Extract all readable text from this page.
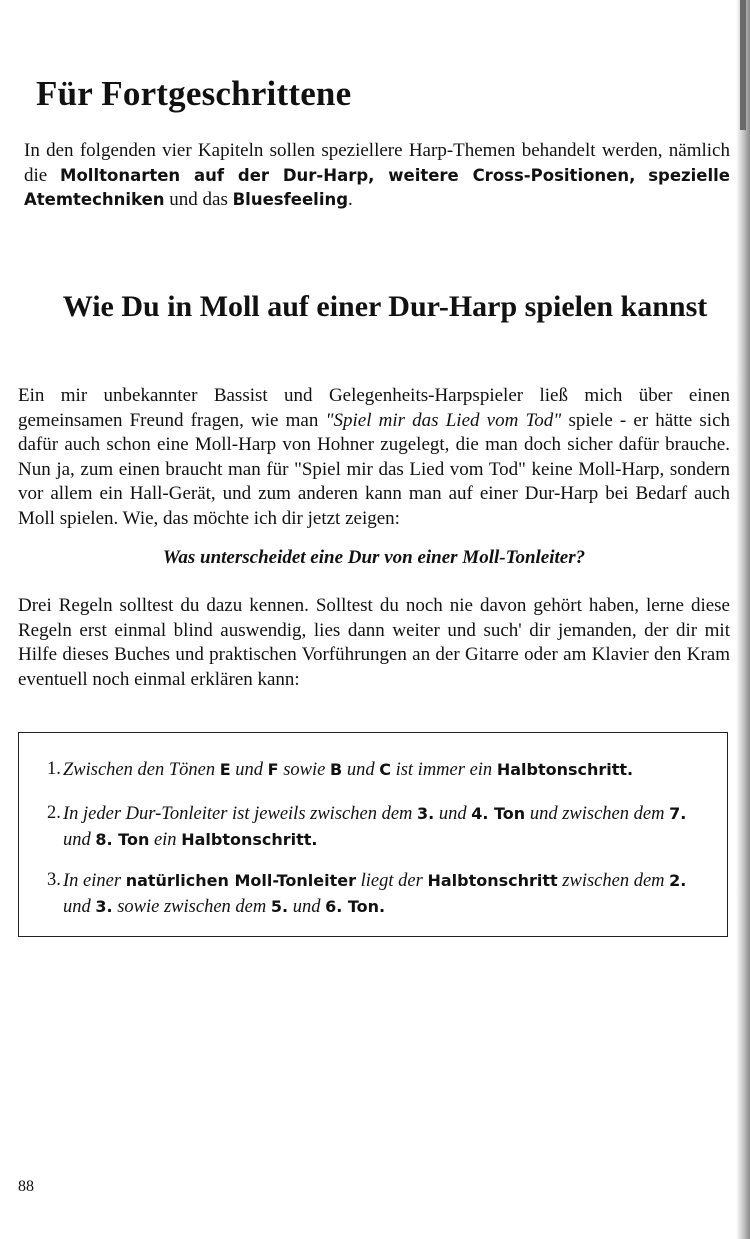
Für Fortgeschrittene

In den folgenden vier Kapiteln sollen speziellere Harp-Themen behandelt werden, nämlich die Molltonarten auf der Dur-Harp, weitere Cross-Positionen, spezielle Atemtechniken und das Bluesfeeling.

Wie Du in Moll auf einer Dur-Harp spielen kannst

Ein mir unbekannter Bassist und Gelegenheits-Harpspieler ließ mich über einen gemeinsamen Freund fragen, wie man "Spiel mir das Lied vom Tod" spiele - er hätte sich dafür auch schon eine Moll-Harp von Hohner zugelegt, die man doch sicher dafür brauche. Nun ja, zum einen braucht man für "Spiel mir das Lied vom Tod" keine Moll-Harp, sondern vor allem ein Hall-Gerät, und zum anderen kann man auf einer Dur-Harp bei Bedarf auch Moll spielen. Wie, das möchte ich dir jetzt zeigen:

Was unterscheidet eine Dur von einer Moll-Tonleiter?

Drei Regeln solltest du dazu kennen. Solltest du noch nie davon gehört haben, lerne diese Regeln erst einmal blind auswendig, lies dann weiter und such' dir jemanden, der dir mit Hilfe dieses Buches und praktischen Vorführungen an der Gitarre oder am Klavier den Kram eventuell noch einmal erklären kann:

1. Zwischen den Tönen E und F sowie B und C ist immer ein Halbtonschritt.
2. In jeder Dur-Tonleiter ist jeweils zwischen dem 3. und 4. Ton und zwischen dem 7. und 8. Ton ein Halbtonschritt.
3. In einer natürlichen Moll-Tonleiter liegt der Halbtonschritt zwischen dem 2. und 3. sowie zwischen dem 5. und 6. Ton.

88
